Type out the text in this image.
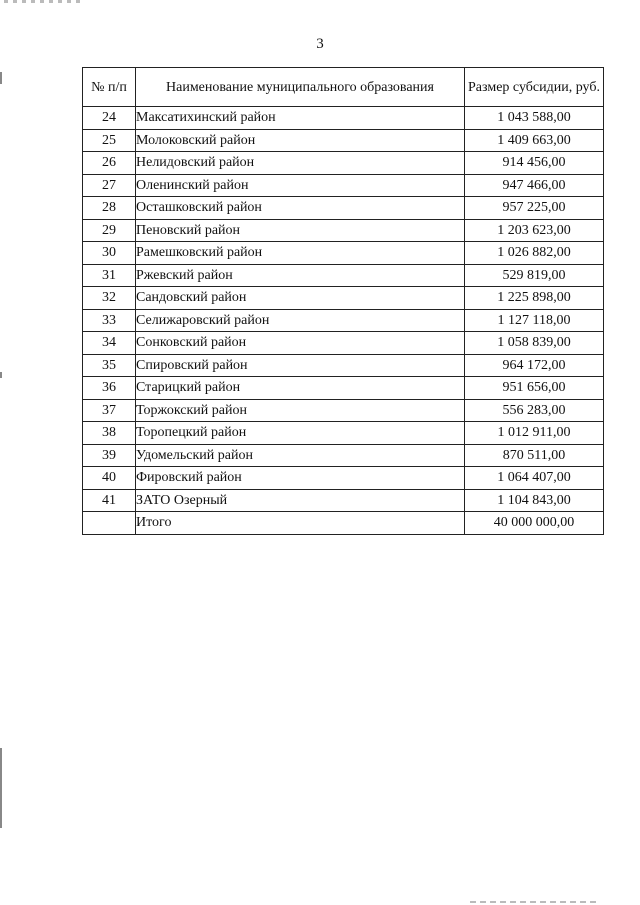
3
№ п/п	Наименование муниципального образования	Размер субсидии, руб.
24	Максатихинский район	1 043 588,00
25	Молоковский район	1 409 663,00
26	Нелидовский район	914 456,00
27	Оленинский район	947 466,00
28	Осташковский район	957 225,00
29	Пеновский район	1 203 623,00
30	Рамешковский район	1 026 882,00
31	Ржевский район	529 819,00
32	Сандовский район	1 225 898,00
33	Селижаровский район	1 127 118,00
34	Сонковский район	1 058 839,00
35	Спировский район	964 172,00
36	Старицкий район	951 656,00
37	Торжокский район	556 283,00
38	Торопецкий район	1 012 911,00
39	Удомельский район	870 511,00
40	Фировский район	1 064 407,00
41	ЗАТО Озерный	1 104 843,00
	Итого	40 000 000,00
